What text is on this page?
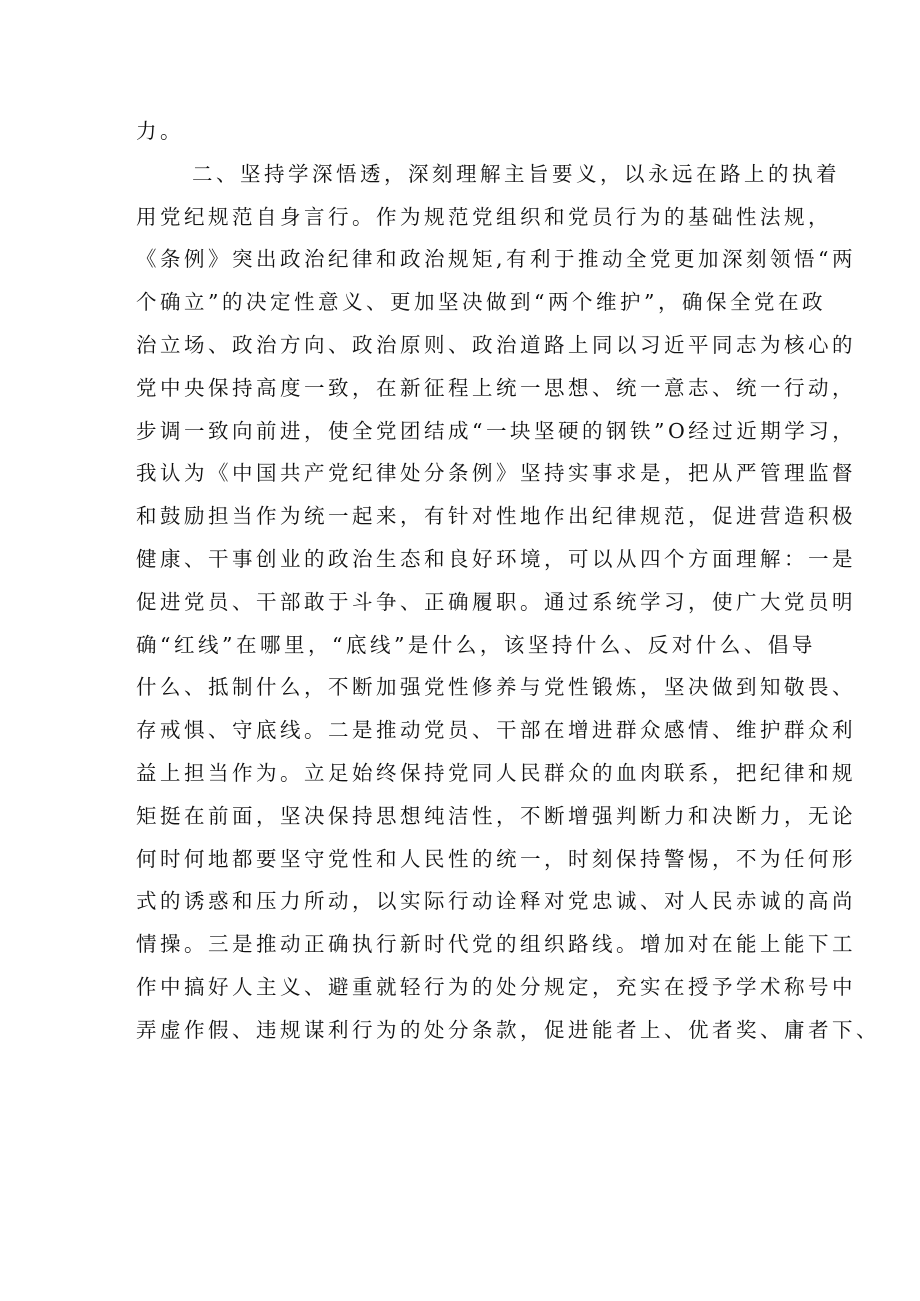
力。
二、坚持学深悟透，深刻理解主旨要义，以永远在路上的执着
用党纪规范自身言行。作为规范党组织和党员行为的基础性法规，
《条例》突出政治纪律和政治规矩,有利于推动全党更加深刻领悟“两
个确立”的决定性意义、更加坚决做到“两个维护”，确保全党在政
治立场、政治方向、政治原则、政治道路上同以习近平同志为核心的
党中央保持高度一致，在新征程上统一思想、统一意志、统一行动，
步调一致向前进，使全党团结成“一块坚硬的钢铁”O经过近期学习，
我认为《中国共产党纪律处分条例》坚持实事求是，把从严管理监督
和鼓励担当作为统一起来，有针对性地作出纪律规范，促进营造积极
健康、干事创业的政治生态和良好环境，可以从四个方面理解：一是
促进党员、干部敢于斗争、正确履职。通过系统学习，使广大党员明
确“红线”在哪里，“底线”是什么，该坚持什么、反对什么、倡导
什么、抵制什么，不断加强党性修养与党性锻炼，坚决做到知敬畏、
存戒惧、守底线。二是推动党员、干部在增进群众感情、维护群众利
益上担当作为。立足始终保持党同人民群众的血肉联系，把纪律和规
矩挺在前面，坚决保持思想纯洁性，不断增强判断力和决断力，无论
何时何地都要坚守党性和人民性的统一，时刻保持警惕，不为任何形
式的诱惑和压力所动，以实际行动诠释对党忠诚、对人民赤诚的高尚
情操。三是推动正确执行新时代党的组织路线。增加对在能上能下工
作中搞好人主义、避重就轻行为的处分规定，充实在授予学术称号中
弄虚作假、违规谋利行为的处分条款，促进能者上、优者奖、庸者下、
